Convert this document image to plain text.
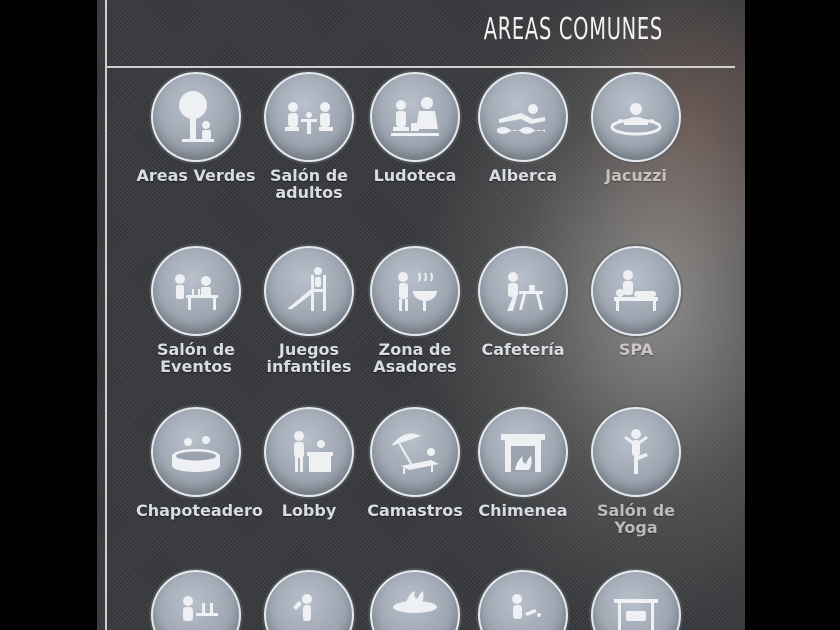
AREAS COMUNES
Areas Verdes Salón de adultos
Ludoteca	Alberca	Jacuzzi
Salón de Eventos
Juegos infantiles
Zona de Asadores
Cafetería	SPA
Chapoteadero	Lobby	Camastros Chimenea	Salón de Yoga
